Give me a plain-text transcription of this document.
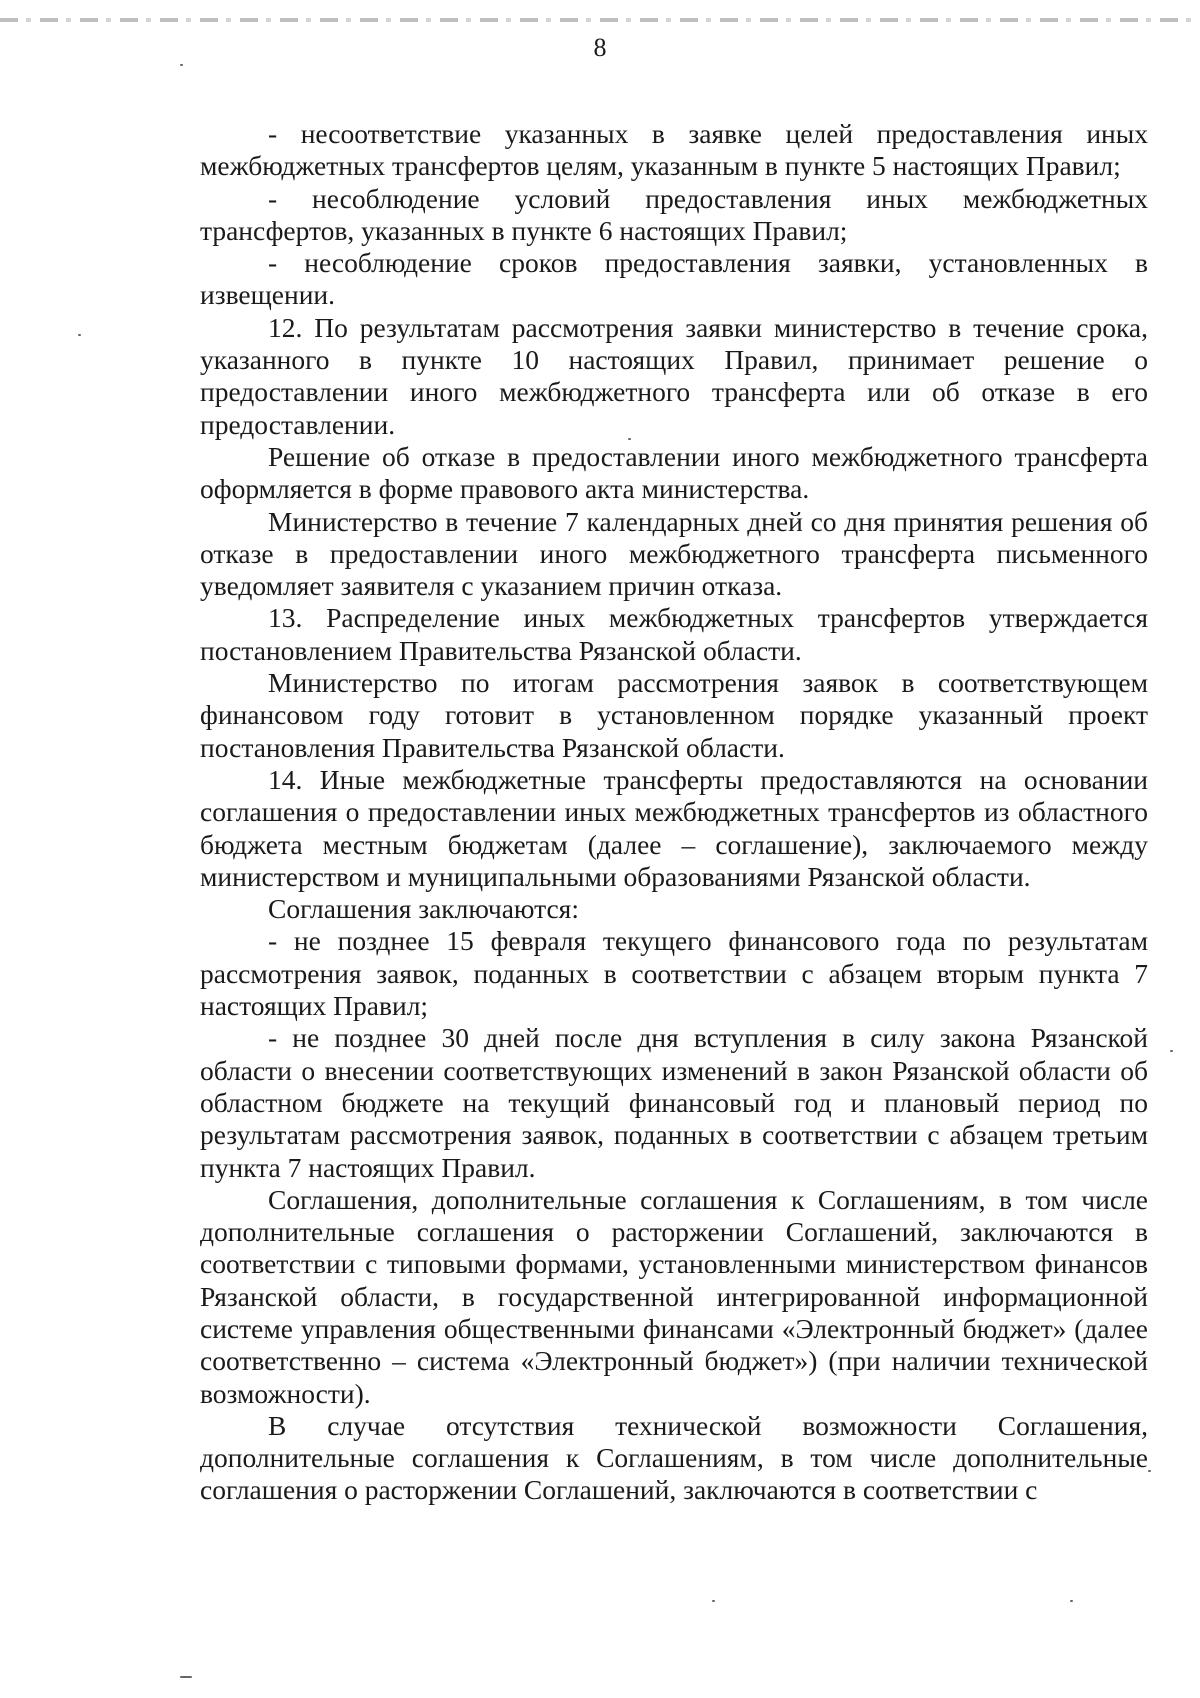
8

- несоответствие указанных в заявке целей предоставления иных межбюджетных трансфертов целям, указанным в пункте 5 настоящих Правил;

- несоблюдение условий предоставления иных межбюджетных трансфертов, указанных в пункте 6 настоящих Правил;

- несоблюдение сроков предоставления заявки, установленных в извещении.

12. По результатам рассмотрения заявки министерство в течение срока, указанного в пункте 10 настоящих Правил, принимает решение о предоставлении иного межбюджетного трансферта или об отказе в его предоставлении.

Решение об отказе в предоставлении иного межбюджетного трансферта оформляется в форме правового акта министерства.

Министерство в течение 7 календарных дней со дня принятия решения об отказе в предоставлении иного межбюджетного трансферта письменного уведомляет заявителя с указанием причин отказа.

13. Распределение иных межбюджетных трансфертов утверждается постановлением Правительства Рязанской области.

Министерство по итогам рассмотрения заявок в соответствующем финансовом году готовит в установленном порядке указанный проект постановления Правительства Рязанской области.

14. Иные межбюджетные трансферты предоставляются на основании соглашения о предоставлении иных межбюджетных трансфертов из областного бюджета местным бюджетам (далее – соглашение), заключаемого между министерством и муниципальными образованиями Рязанской области.

Соглашения заключаются:

- не позднее 15 февраля текущего финансового года по результатам рассмотрения заявок, поданных в соответствии с абзацем вторым пункта 7 настоящих Правил;

- не позднее 30 дней после дня вступления в силу закона Рязанской области о внесении соответствующих изменений в закон Рязанской области об областном бюджете на текущий финансовый год и плановый период по результатам рассмотрения заявок, поданных в соответствии с абзацем третьим пункта 7 настоящих Правил.

Соглашения, дополнительные соглашения к Соглашениям, в том числе дополнительные соглашения о расторжении Соглашений, заключаются в соответствии с типовыми формами, установленными министерством финансов Рязанской области, в государственной интегрированной информационной системе управления общественными финансами «Электронный бюджет» (далее соответственно – система «Электронный бюджет») (при наличии технической возможности).

В случае отсутствия технической возможности Соглашения, дополнительные соглашения к Соглашениям, в том числе дополнительные соглашения о расторжении Соглашений, заключаются в соответствии с
